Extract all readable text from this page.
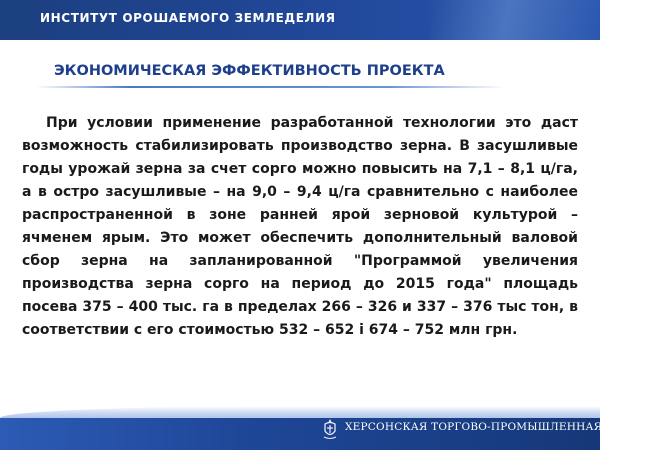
ИНСТИТУТ ОРОШАЕМОГО ЗЕМЛЕДЕЛИЯ
ЭКОНОМИЧЕСКАЯ ЭФФЕКТИВНОСТЬ ПРОЕКТА

При условии применение разработанной технологии это даст возможность стабилизировать производство зерна. В засушливые годы урожай зерна за счет сорго можно повысить на 7,1 – 8,1 ц/га, а в остро засушливые – на 9,0 – 9,4 ц/га сравнительно с наиболее распространенной в зоне ранней ярой зерновой культурой – ячменем ярым. Это может обеспечить дополнительный валовой сбор зерна на запланированной "Программой увеличения производства зерна сорго на период до 2015 года" площадь посева 375 – 400 тыс. га в пределах 266 – 326 и 337 – 376 тыс тон, в соответствии с его стоимостью 532 – 652 і 674 – 752 млн грн.

ХЕРСОНСКАЯ ТОРГОВО-ПРОМЫШЛЕННАЯ ПАЛАТА
